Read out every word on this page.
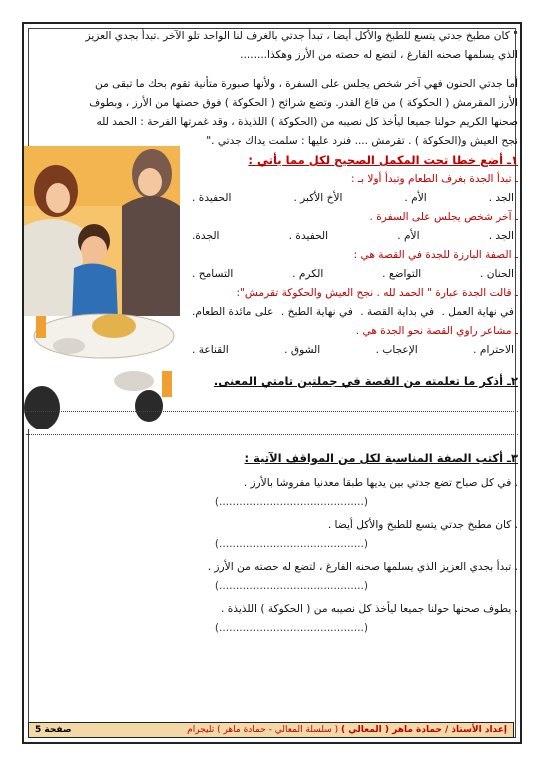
" كان مطبخ جدتي يتسع للطبخ والأكل أيضا ، تبدأ جدتي بالغرف لنا الواحد تلو الآخر .تبدأ بجدي العزيز
الذي يسلمها صحنه الفارغ ، لتضع له حصته من الأرز وهكذا........
أما جدتي الحنون فهي آخر شخص يجلس على السفرة ، ولأنها صبورة متأنية تقوم بحك ما تبقى من
الأرز المقرمش ( الحكوكة ) من قاع القدر. وتضع شرائح ( الحكوكة ) فوق حصتها من الأرز ، وبطوف
صحنها الكريم حولنا جميعا ليأخذ كل نصيبه من (الحكوكة ) اللذيذة ، وقد غمرتها الفرحة : الحمد لله
نجح العيش و(الحكوكة ) . تقرمش .... فنرد عليها : سلمت يداك جدتي ."
١ـ أضع خطا تحت المكمل الصحيح لكل مما يأتي :
ـ تبدأ الجدة بغرف الطعام وتبدأ أولا بـ :
الجد .
الأم .
الأخ الأكبر .
الحفيدة .
ـ آخر شخص يجلس على السفرة .
الجد .
الأم .
الحفيدة .
الجدة.
ـ الصفة البارزة للجدة في القصة هي :
الحنان .
التواضع .
الكرم .
التسامح .
ـ قالت الجدة عبارة " الحمد لله . نجح العيش والحكوكة تقرمش":
في نهاية العمل .
في بداية القصة .
في نهاية الطبخ .
على مائدة الطعام.
ـ مشاعر راوي القصة نحو الجدة هي .
الاحترام .
الإعجاب .
الشوق .
القناعة .
٢ـ أذكر ما تعلمته من القصة في جملتين تامتي المعنى.
٣ـ أكتب الصفة المناسبة لكل من المواقف الآتية :
. في كل صباح تضع جدتي بين يديها طبقا معدنيا مفروشا بالأرز .
(...........................................)
. كان مطبخ جدتي يتسع للطبخ والأكل أيضا .
(...........................................)
. تبدأ بجدي العزيز الذي يسلمها صحنه الفارغ ، لتضع له حصته من الأرز .
(...........................................)
. يطوف صحنها حولنا جميعا ليأخذ كل نصيبه من ( الحكوكة ) اللذيذة .
(...........................................)
إعداد الأستاذ / حمادة ماهر ( المعالي ) ( سلسلة المعالي - حمادة ماهر ) تليجرام
صفحة 5
